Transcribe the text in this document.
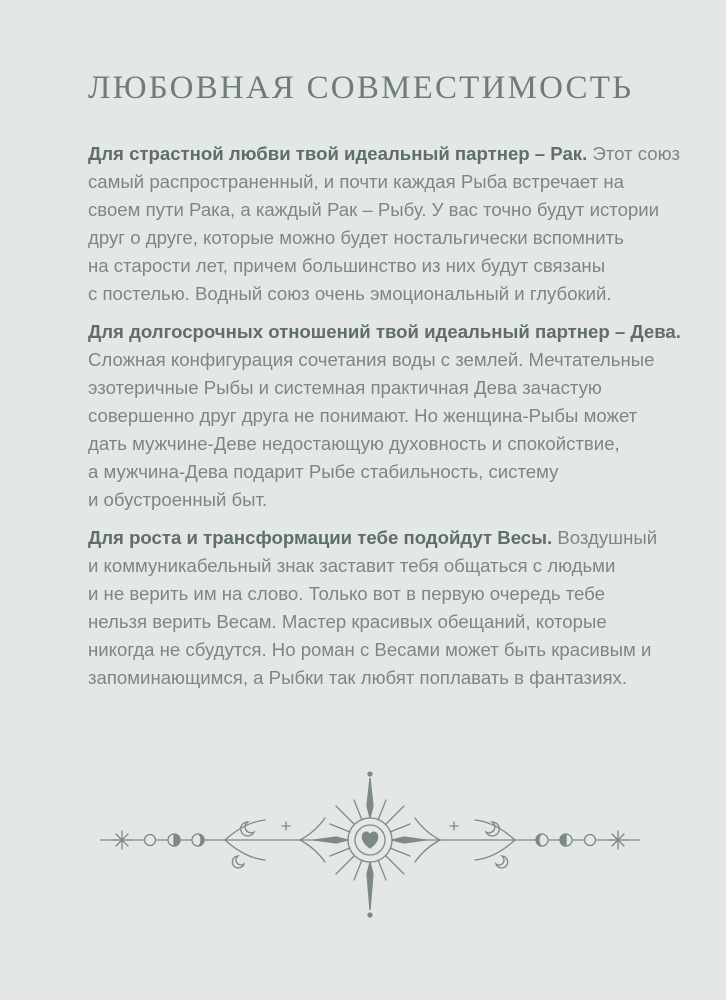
ЛЮБОВНАЯ СОВМЕСТИМОСТЬ

Для страстной любви твой идеальный партнер – Рак. Этот союз
самый распространенный, и почти каждая Рыба встречает на
своем пути Рака, а каждый Рак – Рыбу. У вас точно будут истории
друг о друге, которые можно будет ностальгически вспомнить
на старости лет, причем большинство из них будут связаны
с постелью. Водный союз очень эмоциональный и глубокий.

Для долгосрочных отношений твой идеальный партнер – Дева.
Сложная конфигурация сочетания воды с землей. Мечтательные
эзотеричные Рыбы и системная практичная Дева зачастую
совершенно друг друга не понимают. Но женщина-Рыбы может
дать мужчине-Деве недостающую духовность и спокойствие,
а мужчина-Дева подарит Рыбе стабильность, систему
и обустроенный быт.

Для роста и трансформации тебе подойдут Весы. Воздушный
и коммуникабельный знак заставит тебя общаться с людьми
и не верить им на слово. Только вот в первую очередь тебе
нельзя верить Весам. Мастер красивых обещаний, которые
никогда не сбудутся. Но роман с Весами может быть красивым и
запоминающимся, а Рыбки так любят поплавать в фантазиях.
